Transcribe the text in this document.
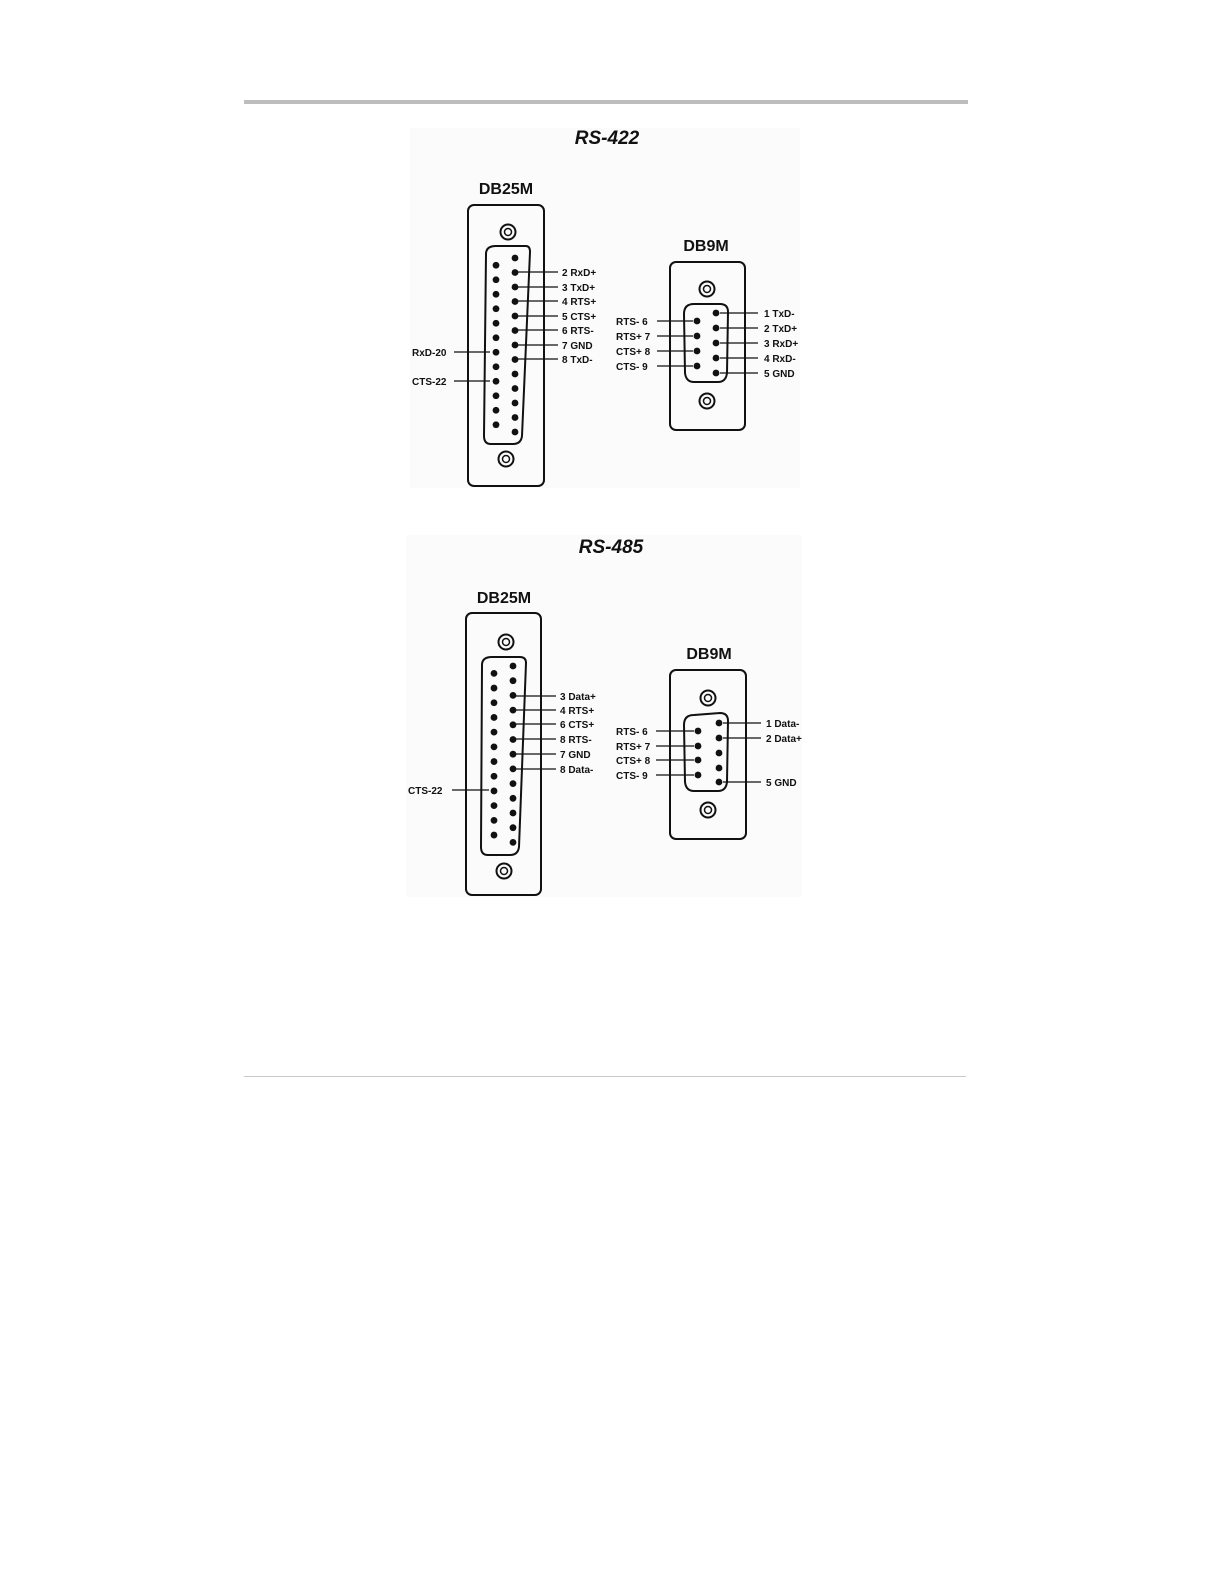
RS-422
DB25M
2 RxD+
3 TxD+
4 RTS+
5 CTS+
6 RTS-
7 GND
8 TxD-
RxD-20
CTS-22
DB9M
RTS- 6
RTS+ 7
CTS+ 8
CTS- 9
1 TxD-
2 TxD+
3 RxD+
4 RxD-
5 GND
RS-485
DB25M
3 Data+
4 RTS+
6 CTS+
8 RTS-
7 GND
8 Data-
CTS-22
DB9M
RTS- 6
RTS+ 7
CTS+ 8
CTS- 9
1 Data-
2 Data+
5 GND
